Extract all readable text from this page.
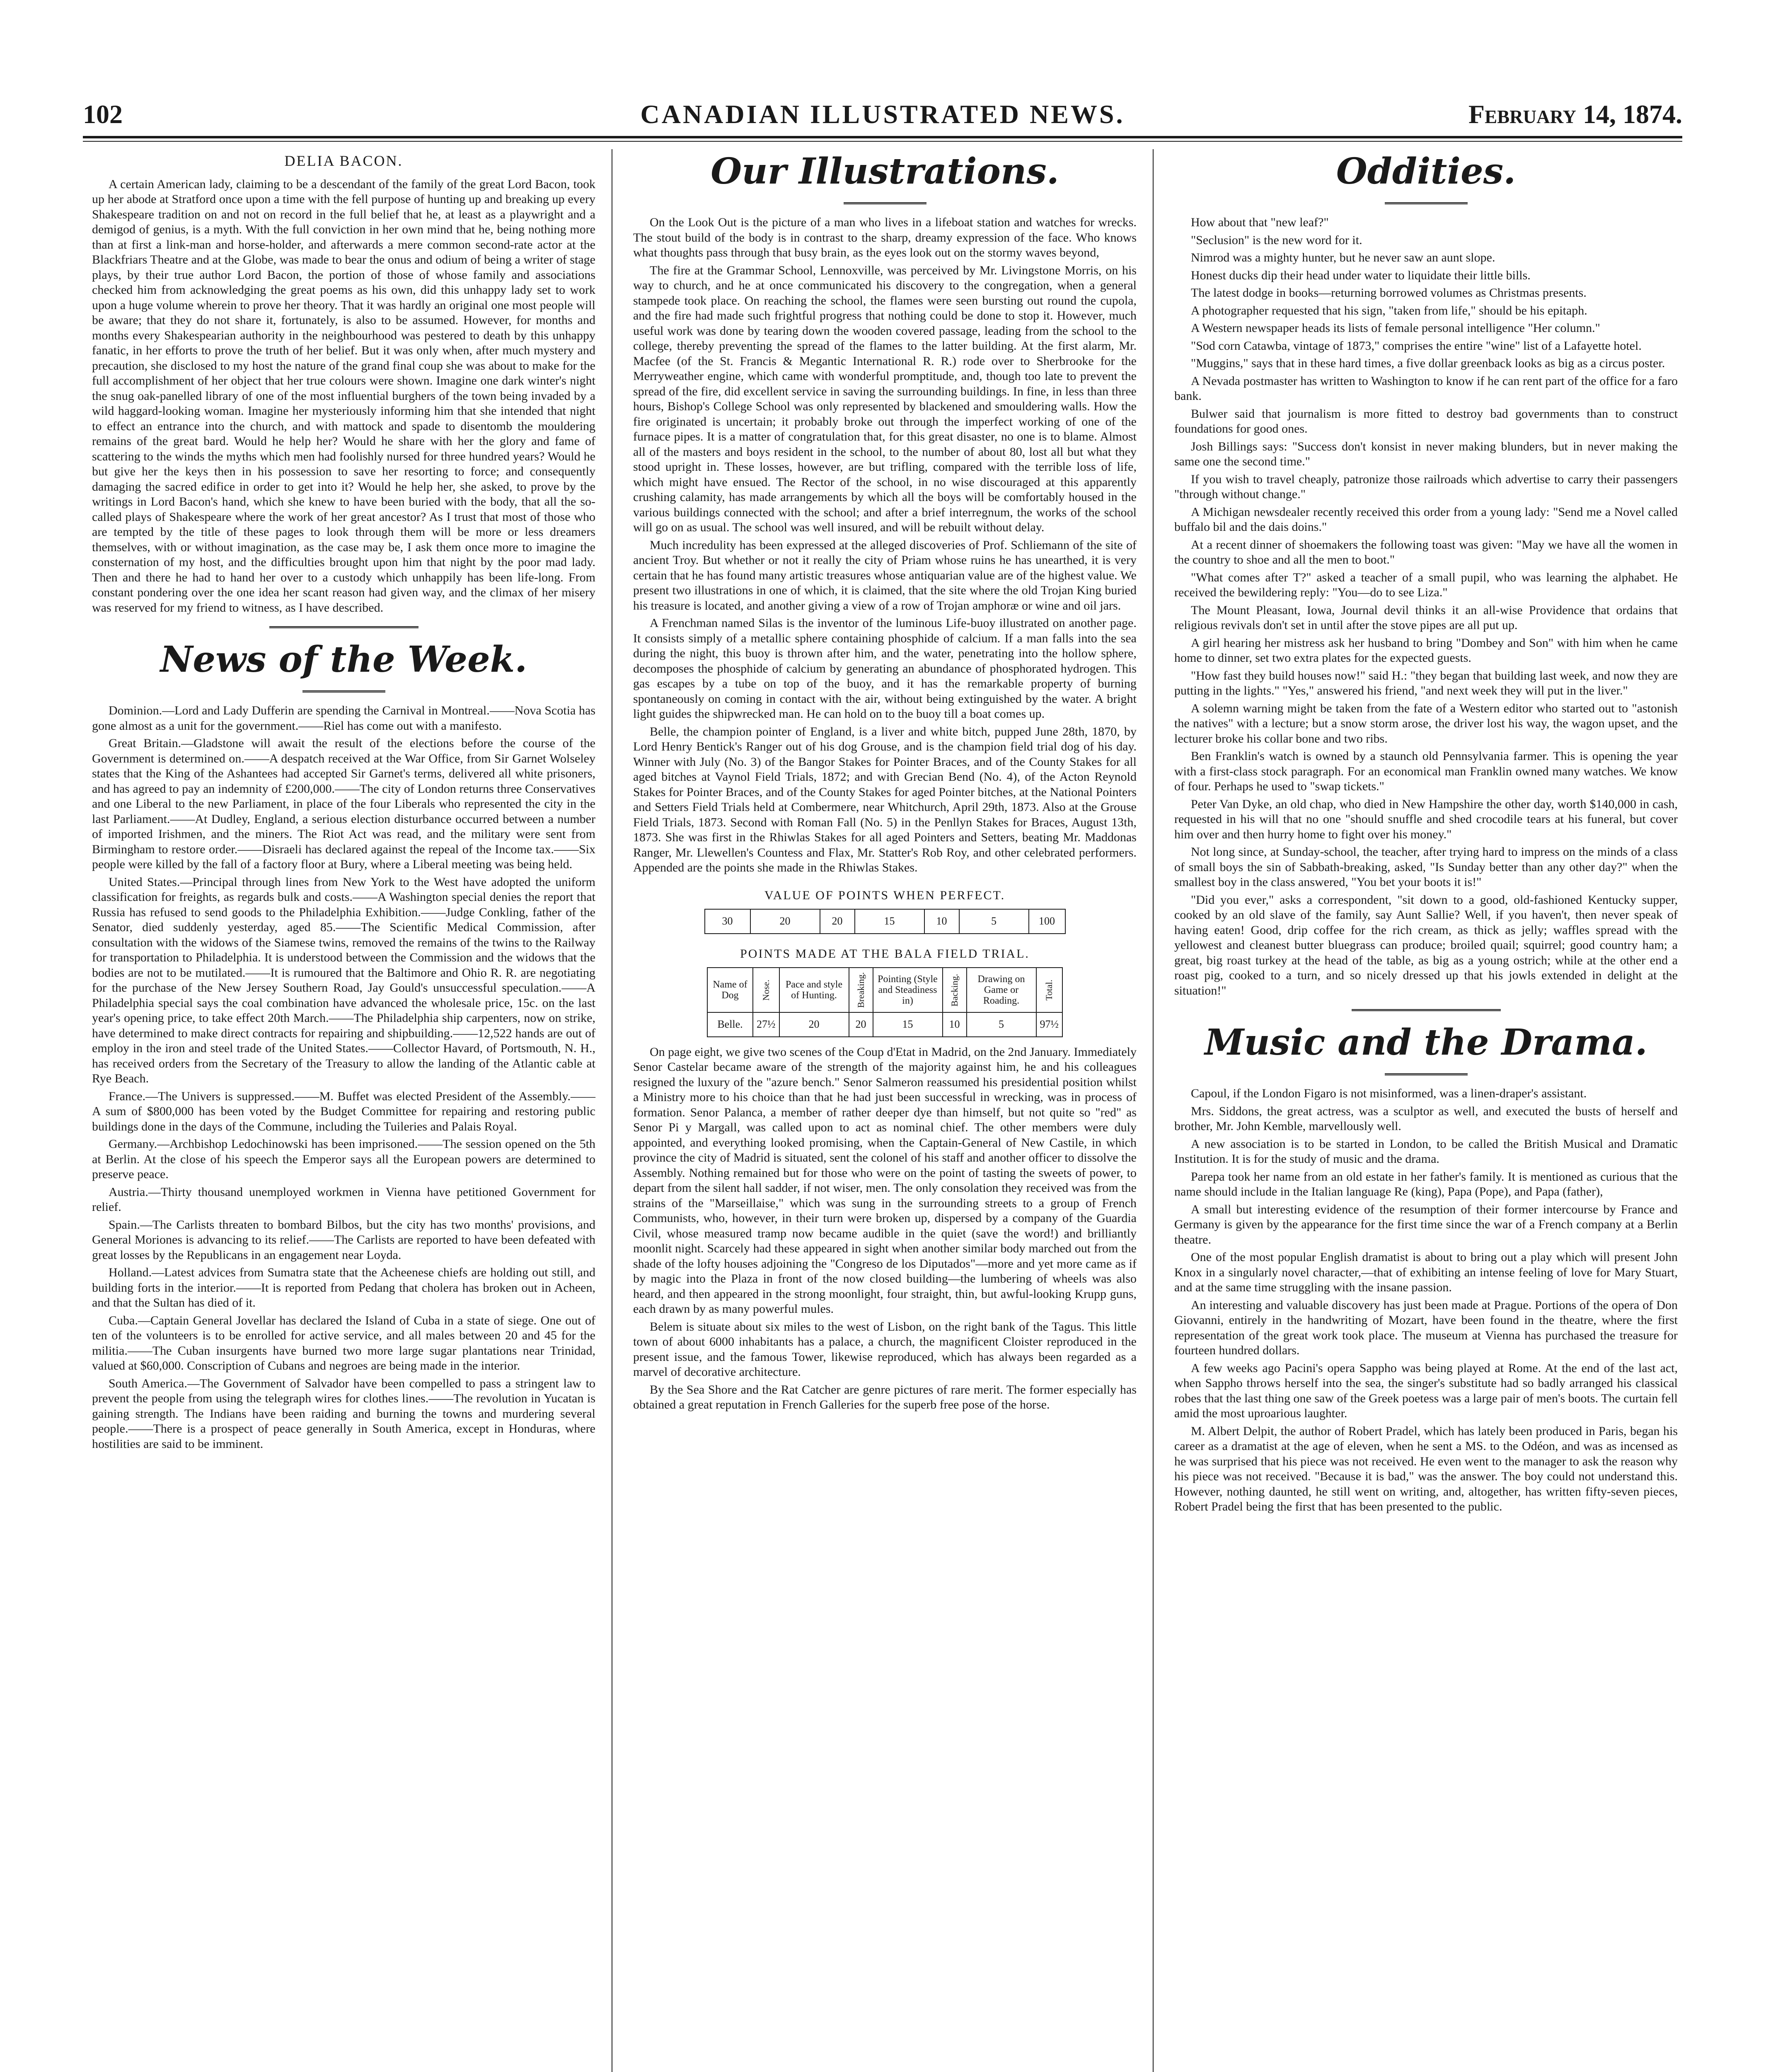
102	CANADIAN ILLUSTRATED NEWS.	February 14, 1874.
DELIA BACON.

A certain American lady, claiming to be a descendant of the family of the great Lord Bacon, took up her abode at Stratford once upon a time with the fell purpose of hunting up and breaking up every Shakespeare tradition on and not on record in the full belief that he, at least as a playwright and a demigod of genius, is a myth. With the full conviction in her own mind that he, being nothing more than at first a link-man and horse-holder, and afterwards a mere common second-rate actor at the Blackfriars Theatre and at the Globe, was made to bear the onus and odium of being a writer of stage plays, by their true author Lord Bacon, the portion of those of whose family and associations checked him from acknowledging the great poems as his own, did this unhappy lady set to work upon a huge volume wherein to prove her theory. That it was hardly an original one most people will be aware; that they do not share it, fortunately, is also to be assumed. However, for months and months every Shakespearian authority in the neighbourhood was pestered to death by this unhappy fanatic, in her efforts to prove the truth of her belief. But it was only when, after much mystery and precaution, she disclosed to my host the nature of the grand final coup she was about to make for the full accomplishment of her object that her true colours were shown. Imagine one dark winter's night the snug oak-panelled library of one of the most influential burghers of the town being invaded by a wild haggard-looking woman. Imagine her mysteriously informing him that she intended that night to effect an entrance into the church, and with mattock and spade to disentomb the mouldering remains of the great bard. Would he help her? Would he share with her the glory and fame of scattering to the winds the myths which men had foolishly nursed for three hundred years? Would he but give her the keys then in his possession to save her resorting to force; and consequently damaging the sacred edifice in order to get into it? Would he help her, she asked, to prove by the writings in Lord Bacon's hand, which she knew to have been buried with the body, that all the so-called plays of Shakespeare where the work of her great ancestor? As I trust that most of those who are tempted by the title of these pages to look through them will be more or less dreamers themselves, with or without imagination, as the case may be, I ask them once more to imagine the consternation of my host, and the difficulties brought upon him that night by the poor mad lady. Then and there he had to hand her over to a custody which unhappily has been life-long. From constant pondering over the one idea her scant reason had given way, and the climax of her misery was reserved for my friend to witness, as I have described.

News of the Week.

Dominion.—Lord and Lady Dufferin are spending the Carnival in Montreal.——Nova Scotia has gone almost as a unit for the government.——Riel has come out with a manifesto.

Great Britain.—Gladstone will await the result of the elections before the course of the Government is determined on.——A despatch received at the War Office, from Sir Garnet Wolseley states that the King of the Ashantees had accepted Sir Garnet's terms, delivered all white prisoners, and has agreed to pay an indemnity of £200,000.——The city of London returns three Conservatives and one Liberal to the new Parliament, in place of the four Liberals who represented the city in the last Parliament.——At Dudley, England, a serious election disturbance occurred between a number of imported Irishmen, and the miners. The Riot Act was read, and the military were sent from Birmingham to restore order.——Disraeli has declared against the repeal of the Income tax.——Six people were killed by the fall of a factory floor at Bury, where a Liberal meeting was being held.

United States.—Principal through lines from New York to the West have adopted the uniform classification for freights, as regards bulk and costs.——A Washington special denies the report that Russia has refused to send goods to the Philadelphia Exhibition.——Judge Conkling, father of the Senator, died suddenly yesterday, aged 85.——The Scientific Medical Commission, after consultation with the widows of the Siamese twins, removed the remains of the twins to the Railway for transportation to Philadelphia. It is understood between the Commission and the widows that the bodies are not to be mutilated.——It is rumoured that the Baltimore and Ohio R. R. are negotiating for the purchase of the New Jersey Southern Road, Jay Gould's unsuccessful speculation.——A Philadelphia special says the coal combination have advanced the wholesale price, 15c. on the last year's opening price, to take effect 20th March.——The Philadelphia ship carpenters, now on strike, have determined to make direct contracts for repairing and shipbuilding.——12,522 hands are out of employ in the iron and steel trade of the United States.——Collector Havard, of Portsmouth, N. H., has received orders from the Secretary of the Treasury to allow the landing of the Atlantic cable at Rye Beach.

France.—The Univers is suppressed.——M. Buffet was elected President of the Assembly.——A sum of $800,000 has been voted by the Budget Committee for repairing and restoring public buildings done in the days of the Commune, including the Tuileries and Palais Royal.

Germany.—Archbishop Ledochinowski has been imprisoned.——The session opened on the 5th at Berlin. At the close of his speech the Emperor says all the European powers are determined to preserve peace.

Austria.—Thirty thousand unemployed workmen in Vienna have petitioned Government for relief.

Spain.—The Carlists threaten to bombard Bilbos, but the city has two months' provisions, and General Moriones is advancing to its relief.——The Carlists are reported to have been defeated with great losses by the Republicans in an engagement near Loyda.

Holland.—Latest advices from Sumatra state that the Acheenese chiefs are holding out still, and building forts in the interior.——It is reported from Pedang that cholera has broken out in Acheen, and that the Sultan has died of it.

Cuba.—Captain General Jovellar has declared the Island of Cuba in a state of siege. One out of ten of the volunteers is to be enrolled for active service, and all males between 20 and 45 for the militia.——The Cuban insurgents have burned two more large sugar plantations near Trinidad, valued at $60,000. Conscription of Cubans and negroes are being made in the interior.

South America.—The Government of Salvador have been compelled to pass a stringent law to prevent the people from using the telegraph wires for clothes lines.——The revolution in Yucatan is gaining strength. The Indians have been raiding and burning the towns and murdering several people.——There is a prospect of peace generally in South America, except in Honduras, where hostilities are said to be imminent.

Our Illustrations.

On the Look Out is the picture of a man who lives in a lifeboat station and watches for wrecks. The stout build of the body is in contrast to the sharp, dreamy expression of the face. Who knows what thoughts pass through that busy brain, as the eyes look out on the stormy waves beyond,

The fire at the Grammar School, Lennoxville, was perceived by Mr. Livingstone Morris, on his way to church, and he at once communicated his discovery to the congregation, when a general stampede took place. On reaching the school, the flames were seen bursting out round the cupola, and the fire had made such frightful progress that nothing could be done to stop it. However, much useful work was done by tearing down the wooden covered passage, leading from the school to the college, thereby preventing the spread of the flames to the latter building. At the first alarm, Mr. Macfee (of the St. Francis & Megantic International R. R.) rode over to Sherbrooke for the Merryweather engine, which came with wonderful promptitude, and, though too late to prevent the spread of the fire, did excellent service in saving the surrounding buildings. In fine, in less than three hours, Bishop's College School was only represented by blackened and smouldering walls. How the fire originated is uncertain; it probably broke out through the imperfect working of one of the furnace pipes. It is a matter of congratulation that, for this great disaster, no one is to blame. Almost all of the masters and boys resident in the school, to the number of about 80, lost all but what they stood upright in. These losses, however, are but trifling, compared with the terrible loss of life, which might have ensued. The Rector of the school, in no wise discouraged at this apparently crushing calamity, has made arrangements by which all the boys will be comfortably housed in the various buildings connected with the school; and after a brief interregnum, the works of the school will go on as usual. The school was well insured, and will be rebuilt without delay.

Much incredulity has been expressed at the alleged discoveries of Prof. Schliemann of the site of ancient Troy. But whether or not it really the city of Priam whose ruins he has unearthed, it is very certain that he has found many artistic treasures whose antiquarian value are of the highest value. We present two illustrations in one of which, it is claimed, that the site where the old Trojan King buried his treasure is located, and another giving a view of a row of Trojan amphoræ or wine and oil jars.

A Frenchman named Silas is the inventor of the luminous Life-buoy illustrated on another page. It consists simply of a metallic sphere containing phosphide of calcium. If a man falls into the sea during the night, this buoy is thrown after him, and the water, penetrating into the hollow sphere, decomposes the phosphide of calcium by generating an abundance of phosphorated hydrogen. This gas escapes by a tube on top of the buoy, and it has the remarkable property of burning spontaneously on coming in contact with the air, without being extinguished by the water. A bright light guides the shipwrecked man. He can hold on to the buoy till a boat comes up.

Belle, the champion pointer of England, is a liver and white bitch, pupped June 28th, 1870, by Lord Henry Bentick's Ranger out of his dog Grouse, and is the champion field trial dog of his day. Winner with July (No. 3) of the Bangor Stakes for Pointer Braces, and of the County Stakes for all aged bitches at Vaynol Field Trials, 1872; and with Grecian Bend (No. 4), of the Acton Reynold Stakes for Pointer Braces, and of the County Stakes for aged Pointer bitches, at the National Pointers and Setters Field Trials held at Combermere, near Whitchurch, April 29th, 1873. Also at the Grouse Field Trials, 1873. Second with Roman Fall (No. 5) in the Penllyn Stakes for Braces, August 13th, 1873. She was first in the Rhiwlas Stakes for all aged Pointers and Setters, beating Mr. Maddonas Ranger, Mr. Llewellen's Countess and Flax, Mr. Statter's Rob Roy, and other celebrated performers. Appended are the points she made in the Rhiwlas Stakes.

VALUE OF POINTS WHEN PERFECT.
30	20	20	15	10	5	100
POINTS MADE AT THE BALA FIELD TRIAL.
Name of Dog	Nose.	Pace and style of Hunting.	Breaking.	Pointing (Style and Steadiness in)	Backing.	Drawing on Game or Roading.	Total.

Belle.	27½	20	20	15	10	5	97½

On page eight, we give two scenes of the Coup d'Etat in Madrid, on the 2nd January. Immediately Senor Castelar became aware of the strength of the majority against him, he and his colleagues resigned the luxury of the "azure bench." Senor Salmeron reassumed his presidential position whilst a Ministry more to his choice than that he had just been successful in wrecking, was in process of formation. Senor Palanca, a member of rather deeper dye than himself, but not quite so "red" as Senor Pi y Margall, was called upon to act as nominal chief. The other members were duly appointed, and everything looked promising, when the Captain-General of New Castile, in which province the city of Madrid is situated, sent the colonel of his staff and another officer to dissolve the Assembly. Nothing remained but for those who were on the point of tasting the sweets of power, to depart from the silent hall sadder, if not wiser, men. The only consolation they received was from the strains of the "Marseillaise," which was sung in the surrounding streets to a group of French Communists, who, however, in their turn were broken up, dispersed by a company of the Guardia Civil, whose measured tramp now became audible in the quiet (save the word!) and brilliantly moonlit night. Scarcely had these appeared in sight when another similar body marched out from the shade of the lofty houses adjoining the "Congreso de los Diputados"—more and yet more came as if by magic into the Plaza in front of the now closed building—the lumbering of wheels was also heard, and then appeared in the strong moonlight, four straight, thin, but awful-looking Krupp guns, each drawn by as many powerful mules.

Belem is situate about six miles to the west of Lisbon, on the right bank of the Tagus. This little town of about 6000 inhabitants has a palace, a church, the magnificent Cloister reproduced in the present issue, and the famous Tower, likewise reproduced, which has always been regarded as a marvel of decorative architecture.

By the Sea Shore and the Rat Catcher are genre pictures of rare merit. The former especially has obtained a great reputation in French Galleries for the superb free pose of the horse.

Oddities.

How about that "new leaf?"

"Seclusion" is the new word for it.

Nimrod was a mighty hunter, but he never saw an aunt slope.

Honest ducks dip their head under water to liquidate their little bills.

The latest dodge in books—returning borrowed volumes as Christmas presents.

A photographer requested that his sign, "taken from life," should be his epitaph.

A Western newspaper heads its lists of female personal intelligence "Her column."

"Sod corn Catawba, vintage of 1873," comprises the entire "wine" list of a Lafayette hotel.

"Muggins," says that in these hard times, a five dollar greenback looks as big as a circus poster.

A Nevada postmaster has written to Washington to know if he can rent part of the office for a faro bank.

Bulwer said that journalism is more fitted to destroy bad governments than to construct foundations for good ones.

Josh Billings says: "Success don't konsist in never making blunders, but in never making the same one the second time."

If you wish to travel cheaply, patronize those railroads which advertise to carry their passengers "through without change."

A Michigan newsdealer recently received this order from a young lady: "Send me a Novel called buffalo bil and the dais doins."

At a recent dinner of shoemakers the following toast was given: "May we have all the women in the country to shoe and all the men to boot."

"What comes after T?" asked a teacher of a small pupil, who was learning the alphabet. He received the bewildering reply: "You—do to see Liza."

The Mount Pleasant, Iowa, Journal devil thinks it an all-wise Providence that ordains that religious revivals don't set in until after the stove pipes are all put up.

A girl hearing her mistress ask her husband to bring "Dombey and Son" with him when he came home to dinner, set two extra plates for the expected guests.

"How fast they build houses now!" said H.: "they began that building last week, and now they are putting in the lights." "Yes," answered his friend, "and next week they will put in the liver."

A solemn warning might be taken from the fate of a Western editor who started out to "astonish the natives" with a lecture; but a snow storm arose, the driver lost his way, the wagon upset, and the lecturer broke his collar bone and two ribs.

Ben Franklin's watch is owned by a staunch old Pennsylvania farmer. This is opening the year with a first-class stock paragraph. For an economical man Franklin owned many watches. We know of four. Perhaps he used to "swap tickets."

Peter Van Dyke, an old chap, who died in New Hampshire the other day, worth $140,000 in cash, requested in his will that no one "should snuffle and shed crocodile tears at his funeral, but cover him over and then hurry home to fight over his money."

Not long since, at Sunday-school, the teacher, after trying hard to impress on the minds of a class of small boys the sin of Sabbath-breaking, asked, "Is Sunday better than any other day?" when the smallest boy in the class answered, "You bet your boots it is!"

"Did you ever," asks a correspondent, "sit down to a good, old-fashioned Kentucky supper, cooked by an old slave of the family, say Aunt Sallie? Well, if you haven't, then never speak of having eaten! Good, drip coffee for the rich cream, as thick as jelly; waffles spread with the yellowest and cleanest butter bluegrass can produce; broiled quail; squirrel; good country ham; a great, big roast turkey at the head of the table, as big as a young ostrich; while at the other end a roast pig, cooked to a turn, and so nicely dressed up that his jowls extended in delight at the situation!"

Music and the Drama.

Capoul, if the London Figaro is not misinformed, was a linen-draper's assistant.

Mrs. Siddons, the great actress, was a sculptor as well, and executed the busts of herself and brother, Mr. John Kemble, marvellously well.

A new association is to be started in London, to be called the British Musical and Dramatic Institution. It is for the study of music and the drama.

Parepa took her name from an old estate in her father's family. It is mentioned as curious that the name should include in the Italian language Re (king), Papa (Pope), and Papa (father),

A small but interesting evidence of the resumption of their former intercourse by France and Germany is given by the appearance for the first time since the war of a French company at a Berlin theatre.

One of the most popular English dramatist is about to bring out a play which will present John Knox in a singularly novel character,—that of exhibiting an intense feeling of love for Mary Stuart, and at the same time struggling with the insane passion.

An interesting and valuable discovery has just been made at Prague. Portions of the opera of Don Giovanni, entirely in the handwriting of Mozart, have been found in the theatre, where the first representation of the great work took place. The museum at Vienna has purchased the treasure for fourteen hundred dollars.

A few weeks ago Pacini's opera Sappho was being played at Rome. At the end of the last act, when Sappho throws herself into the sea, the singer's substitute had so badly arranged his classical robes that the last thing one saw of the Greek poetess was a large pair of men's boots. The curtain fell amid the most uproarious laughter.

M. Albert Delpit, the author of Robert Pradel, which has lately been produced in Paris, began his career as a dramatist at the age of eleven, when he sent a MS. to the Odéon, and was as incensed as he was surprised that his piece was not received. He even went to the manager to ask the reason why his piece was not received. "Because it is bad," was the answer. The boy could not understand this. However, nothing daunted, he still went on writing, and, altogether, has written fifty-seven pieces, Robert Pradel being the first that has been presented to the public.
